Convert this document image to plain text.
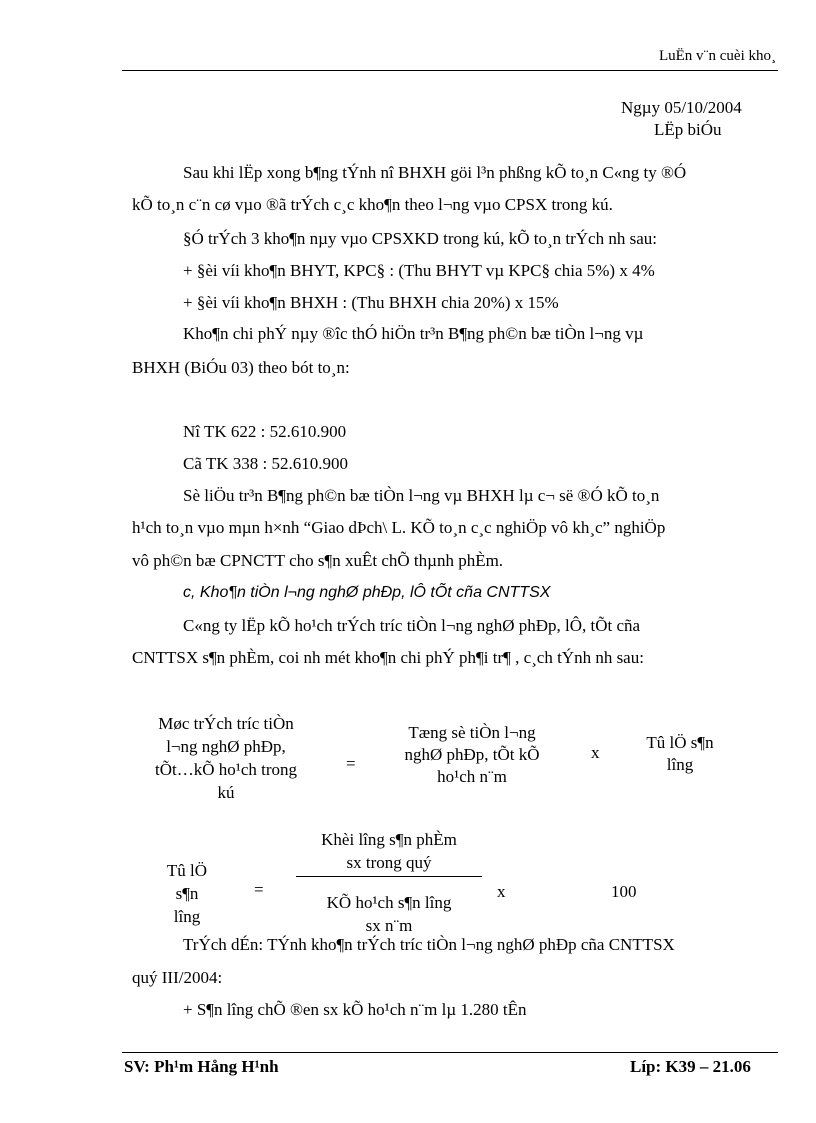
LuËn v¨n cuèi kho¸
Ngµy 05/10/2004
LËp biÓu
Sau khi lËp xong b¶ng tÝnh nî BHXH göi l³n phßng kÕ to¸n C«ng ty ®Ó
kÕ to¸n c¨n cø vµo ®ã trÝch c¸c kho¶n theo l¬ng vµo CPSX trong kú.
§Ó trÝch 3 kho¶n nµy vµo CPSXKD trong kú, kÕ to¸n trÝch nh sau:
+ §èi víi kho¶n BHYT, KPC§ : (Thu BHYT vµ KPC§ chia 5%) x 4%
+ §èi víi kho¶n BHXH : (Thu BHXH chia 20%) x 15%
Kho¶n chi phÝ nµy ®îc thÓ hiÖn tr³n B¶ng ph©n bæ tiÒn l¬ng vµ
BHXH (BiÓu 03) theo bót to¸n:
Nî TK 622 : 52.610.900
Cã TK 338 : 52.610.900
Sè liÖu tr³n B¶ng ph©n bæ tiÒn l¬ng vµ BHXH lµ c¬ së ®Ó kÕ to¸n
h¹ch to¸n vµo mµn h×nh “Giao dÞch\ L. KÕ to¸n c¸c nghiÖp vô kh¸c” nghiÖp
vô ph©n bæ CPNCTT cho s¶n xuÊt chÕ thµnh phÈm.
c, Kho¶n tiÒn l¬ng nghØ phÐp, lÔ tÕt cña CNTTSX
C«ng ty lËp kÕ ho¹ch trÝch tríc tiÒn l¬ng nghØ phÐp, lÔ, tÕt cña
CNTTSX s¶n phÈm, coi nh mét kho¶n chi phÝ ph¶i tr¶ , c¸ch tÝnh nh sau:
Møc trÝch tríc tiÒn
l¬ng nghØ phÐp,
tÕt…kÕ ho¹ch trong
kú
=
Tæng sè tiÒn l¬ng
nghØ phÐp, tÕt kÕ
ho¹ch n¨m
x
Tû lÖ s¶n
lîng
Tû lÖ
s¶n
lîng
=
Khèi lîng s¶n phÈm
sx trong quý
KÕ ho¹ch s¶n lîng
sx n¨m
x	100
TrÝch dÉn: TÝnh kho¶n trÝch tríc tiÒn l¬ng nghØ phÐp cña CNTTSX
quý III/2004:
+ S¶n lîng chÕ ®en sx kÕ ho¹ch n¨m lµ 1.280 tÊn
SV: Ph¹m Hång H¹nh	Líp: K39 – 21.06
